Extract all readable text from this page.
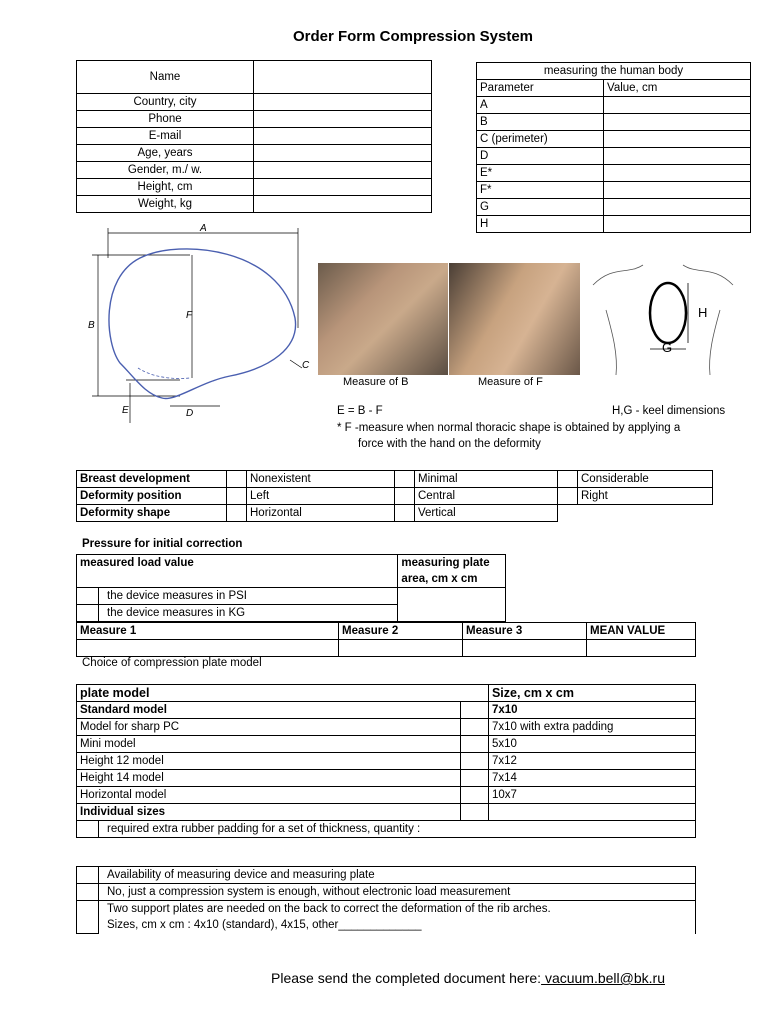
Order Form Compression System
Name	
Country, city	
Phone	
E-mail	
Age, years	
Gender, m./ w.	
Height, cm	
Weight, kg	
measuring the human body	
Parameter	Value, cm
A	
B	
C (perimeter)	
D	
E*	
F*	
G	
H	
A
B
F
C
E	D
Measure of B	Measure of F
H
G
E = B - F	H,G - keel dimensions
* F -measure when normal thoracic shape is obtained by applying a
force with the hand on the deformity
Breast development		Nonexistent		Minimal		Considerable
Deformity position		Left		Central		Right
Deformity shape		Horizontal		Vertical		
Pressure for initial correction
measured load value		measuring plate
area, cm x cm

	the device measures in PSI	
	the device measures in KG	
Measure 1	Measure 2	Measure 3	MEAN VALUE

Choice of compression plate model
plate model		Size, cm x cm
Standard model		7x10
Model for sharp PC		7x10 with extra padding
Mini model		5x10
Height 12 model		7x12
Height 14 model		7x14
Horizontal model		10x7
Individual sizes		
	required extra rubber padding for a set of thickness, quantity :
	Availability of measuring device and measuring plate
	No, just a compression system is enough, without electronic load measurement

	Two support plates are needed on the back to correct the deformation of the rib arches.
Sizes, cm x cm : 4x10 (standard), 4x15, other_____________
Please send the completed document here: vacuum.bell@bk.ru
